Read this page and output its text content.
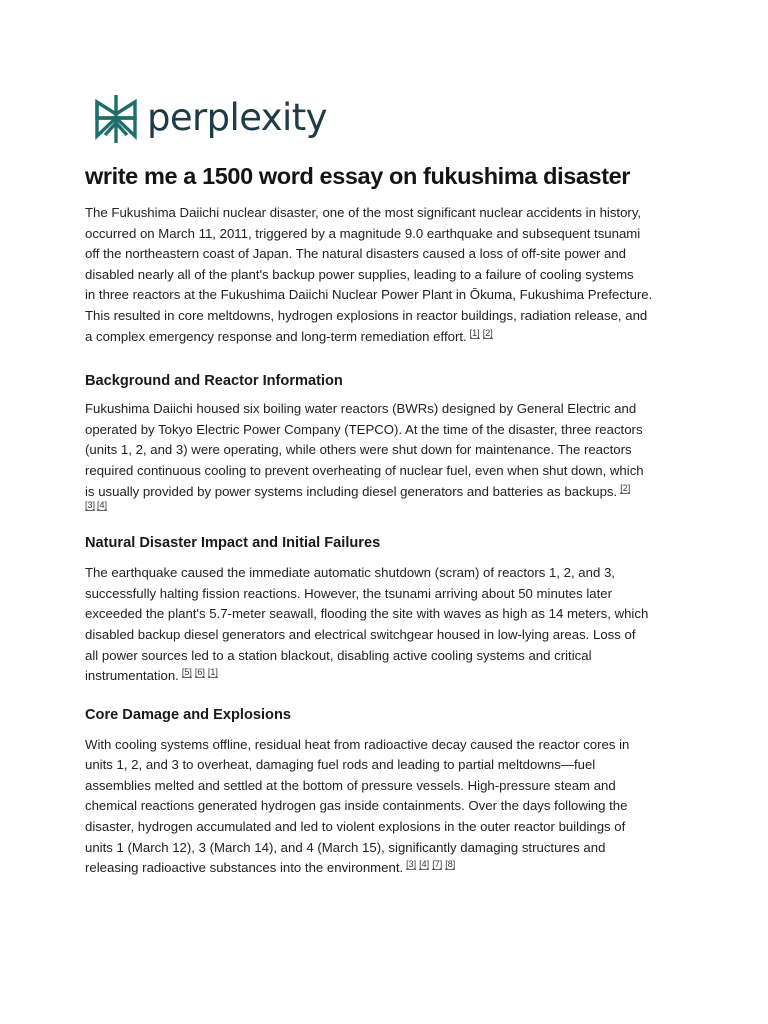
perplexity
write me a 1500 word essay on fukushima disaster

The Fukushima Daiichi nuclear disaster, one of the most significant nuclear accidents in history,
occurred on March 11, 2011, triggered by a magnitude 9.0 earthquake and subsequent tsunami
off the northeastern coast of Japan. The natural disasters caused a loss of off-site power and
disabled nearly all of the plant's backup power supplies, leading to a failure of cooling systems
in three reactors at the Fukushima Daiichi Nuclear Power Plant in Ōkuma, Fukushima Prefecture.
This resulted in core meltdowns, hydrogen explosions in reactor buildings, radiation release, and
a complex emergency response and long-term remediation effort. [1] [2]

Background and Reactor Information

Fukushima Daiichi housed six boiling water reactors (BWRs) designed by General Electric and
operated by Tokyo Electric Power Company (TEPCO). At the time of the disaster, three reactors
(units 1, 2, and 3) were operating, while others were shut down for maintenance. The reactors
required continuous cooling to prevent overheating of nuclear fuel, even when shut down, which
is usually provided by power systems including diesel generators and batteries as backups. [2]
[3] [4]

Natural Disaster Impact and Initial Failures

The earthquake caused the immediate automatic shutdown (scram) of reactors 1, 2, and 3,
successfully halting fission reactions. However, the tsunami arriving about 50 minutes later
exceeded the plant's 5.7-meter seawall, flooding the site with waves as high as 14 meters, which
disabled backup diesel generators and electrical switchgear housed in low-lying areas. Loss of
all power sources led to a station blackout, disabling active cooling systems and critical
instrumentation. [5] [6] [1]

Core Damage and Explosions

With cooling systems offline, residual heat from radioactive decay caused the reactor cores in
units 1, 2, and 3 to overheat, damaging fuel rods and leading to partial meltdowns—fuel
assemblies melted and settled at the bottom of pressure vessels. High-pressure steam and
chemical reactions generated hydrogen gas inside containments. Over the days following the
disaster, hydrogen accumulated and led to violent explosions in the outer reactor buildings of
units 1 (March 12), 3 (March 14), and 4 (March 15), significantly damaging structures and
releasing radioactive substances into the environment. [3] [4] [7] [8]
